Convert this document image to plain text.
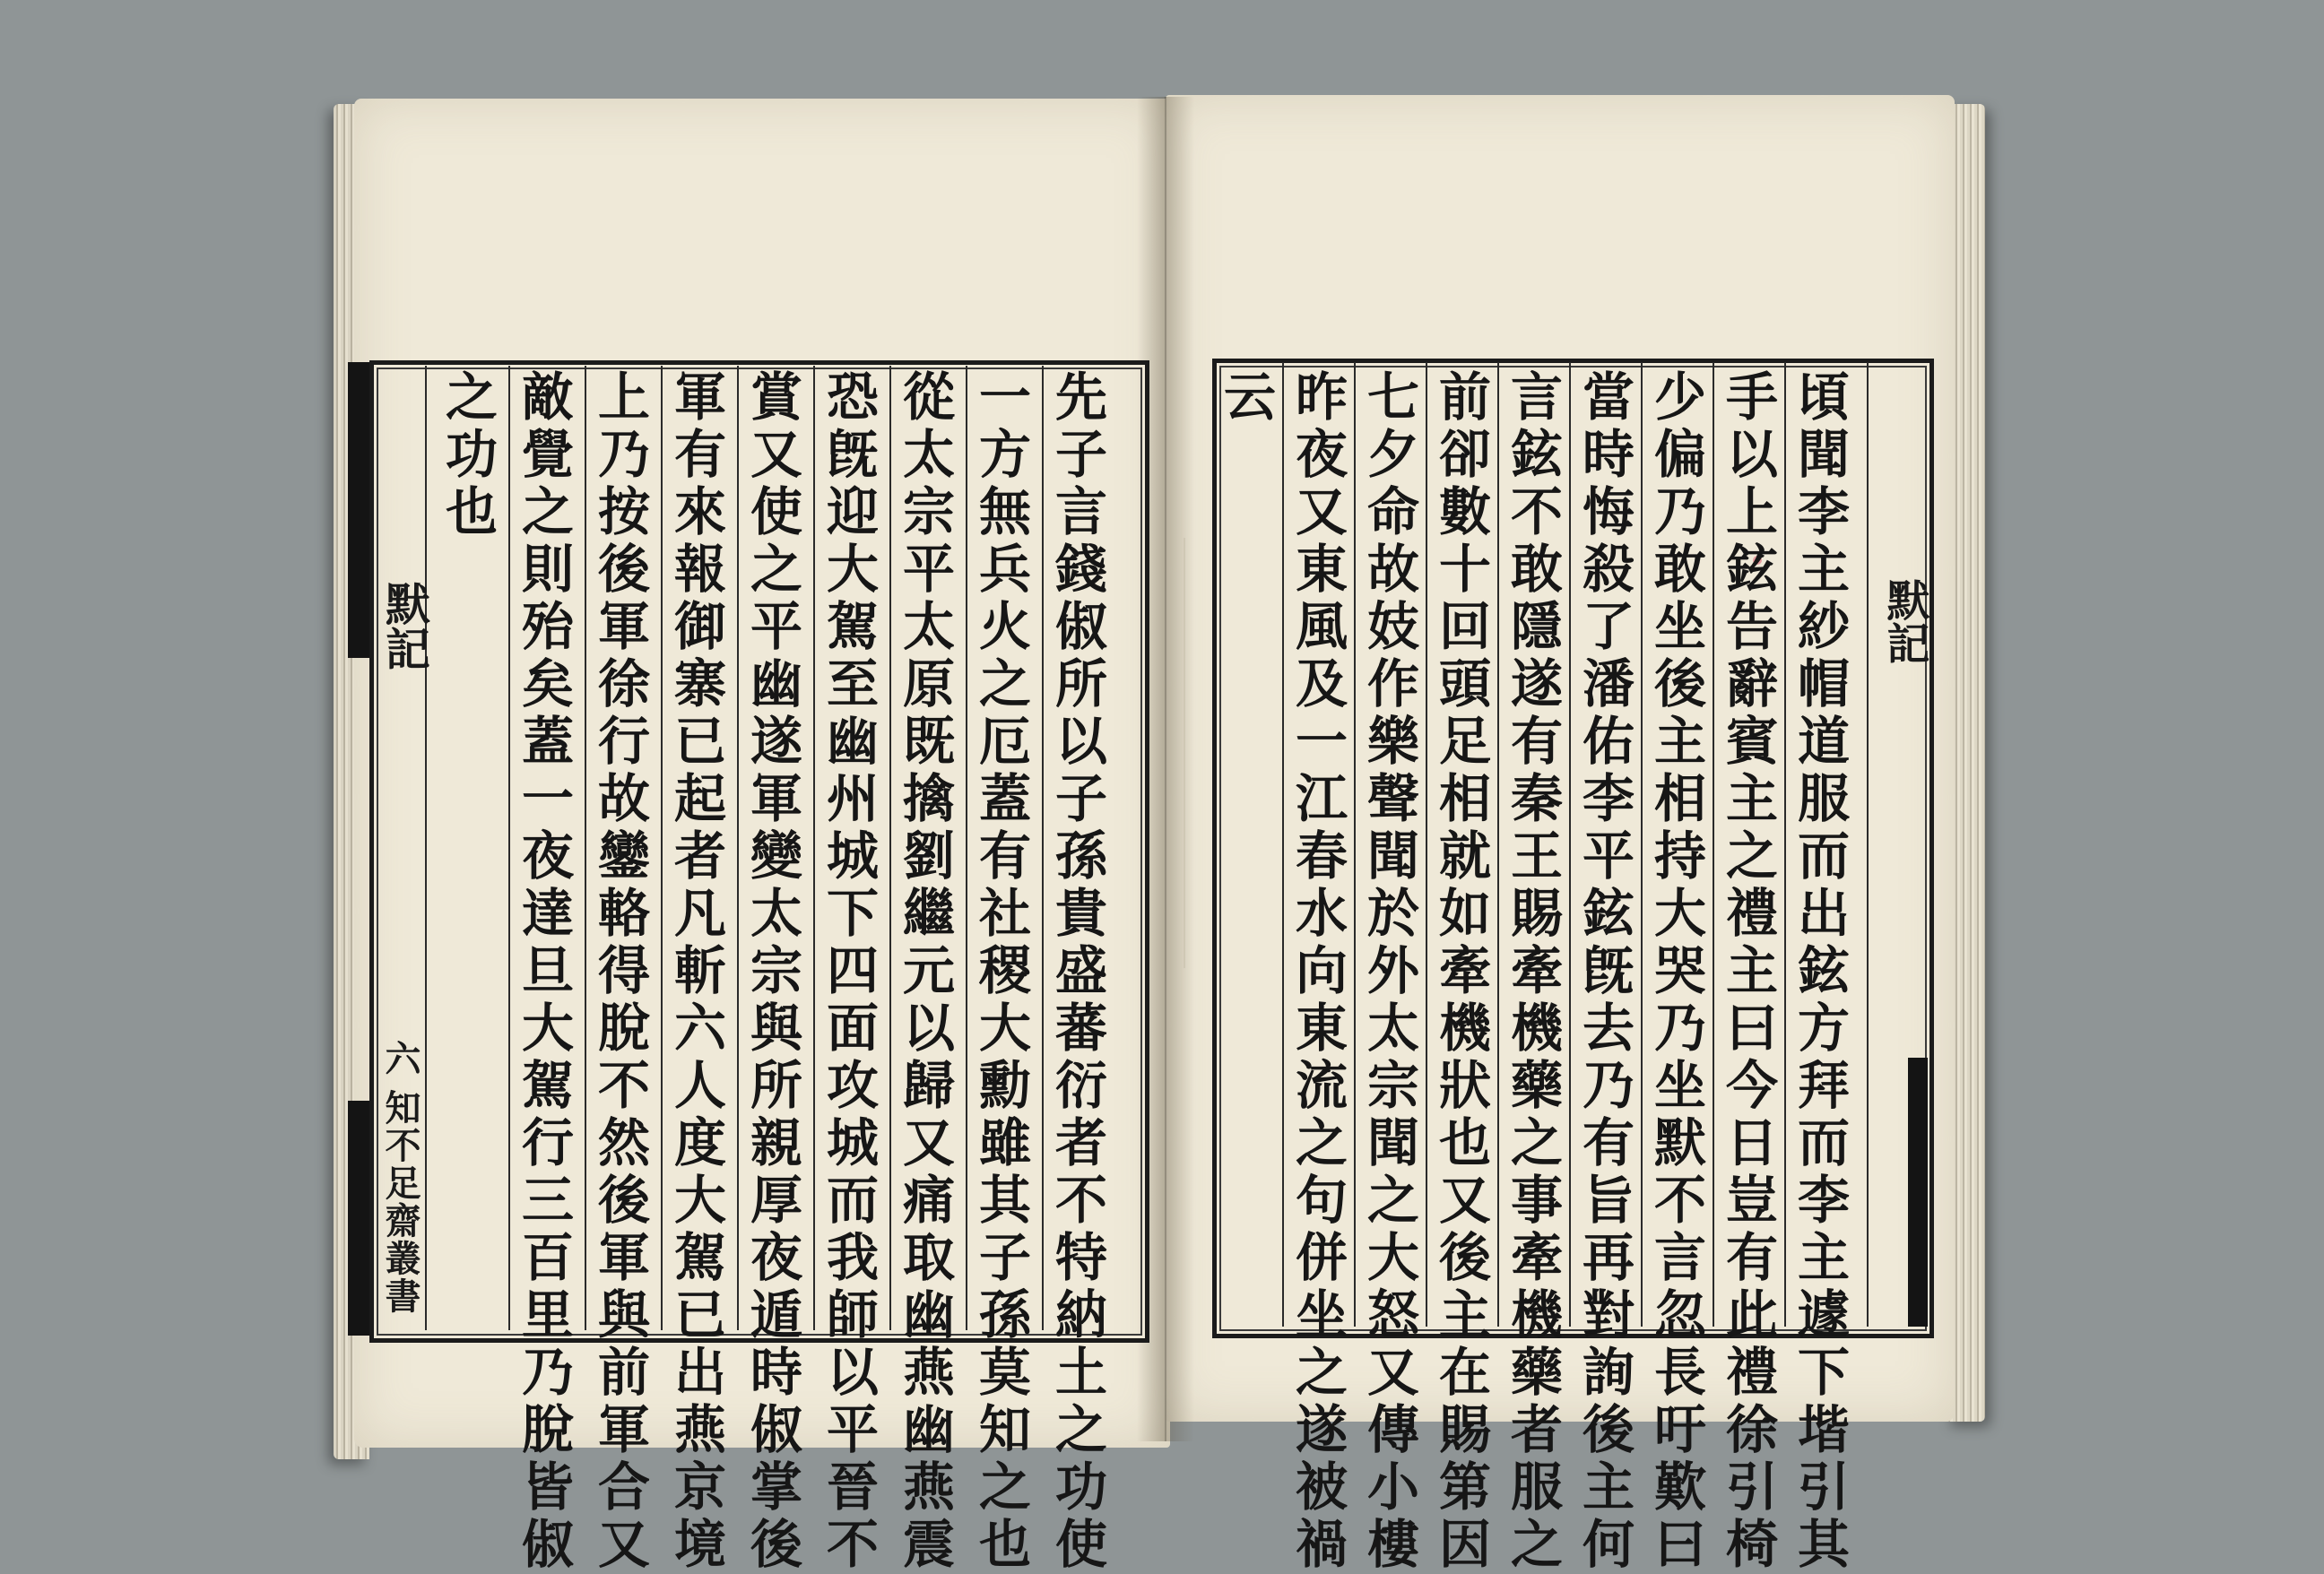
默記
六
知不足齋叢書	先子言錢俶所以子孫貴盛蕃衍者不特納土之功使
一方無兵火之厄蓋有社稷大勳雖其子孫莫知之也
從太宗平太原既擒劉繼元以歸又痛取幽燕幽燕震
恐旣迎大駕至幽州城下四面攻城而我師以平晉不
賞又使之平幽遂軍變太宗與所親厚夜遁時俶掌後
軍有來報御寨已起者凡斬六人度大駕已出燕京境
上乃按後軍徐行故鑾輅得脫不然後軍與前軍合又
敵覺之則殆矣蓋一夜達旦大駕行三百里乃脫皆俶
之功也
默記
頃聞李主紗帽道服而出鉉方拜而李主遽下堦引其
手以上鉉告辭賓主之禮主曰今日豈有此禮徐引椅
少偏乃敢坐後主相持大哭乃坐默不言忽長吁歎曰
當時悔殺了潘佑李平鉉旣去乃有旨再對詢後主何
言鉉不敢隱遂有秦王賜牽機藥之事牽機藥者服之
前卻數十回頭足相就如牽機狀也又後主在賜第因
七夕命故妓作樂聲聞於外太宗聞之大怒又傳小樓
昨夜又東風及一江春水向東流之句併坐之遂被禍
云
